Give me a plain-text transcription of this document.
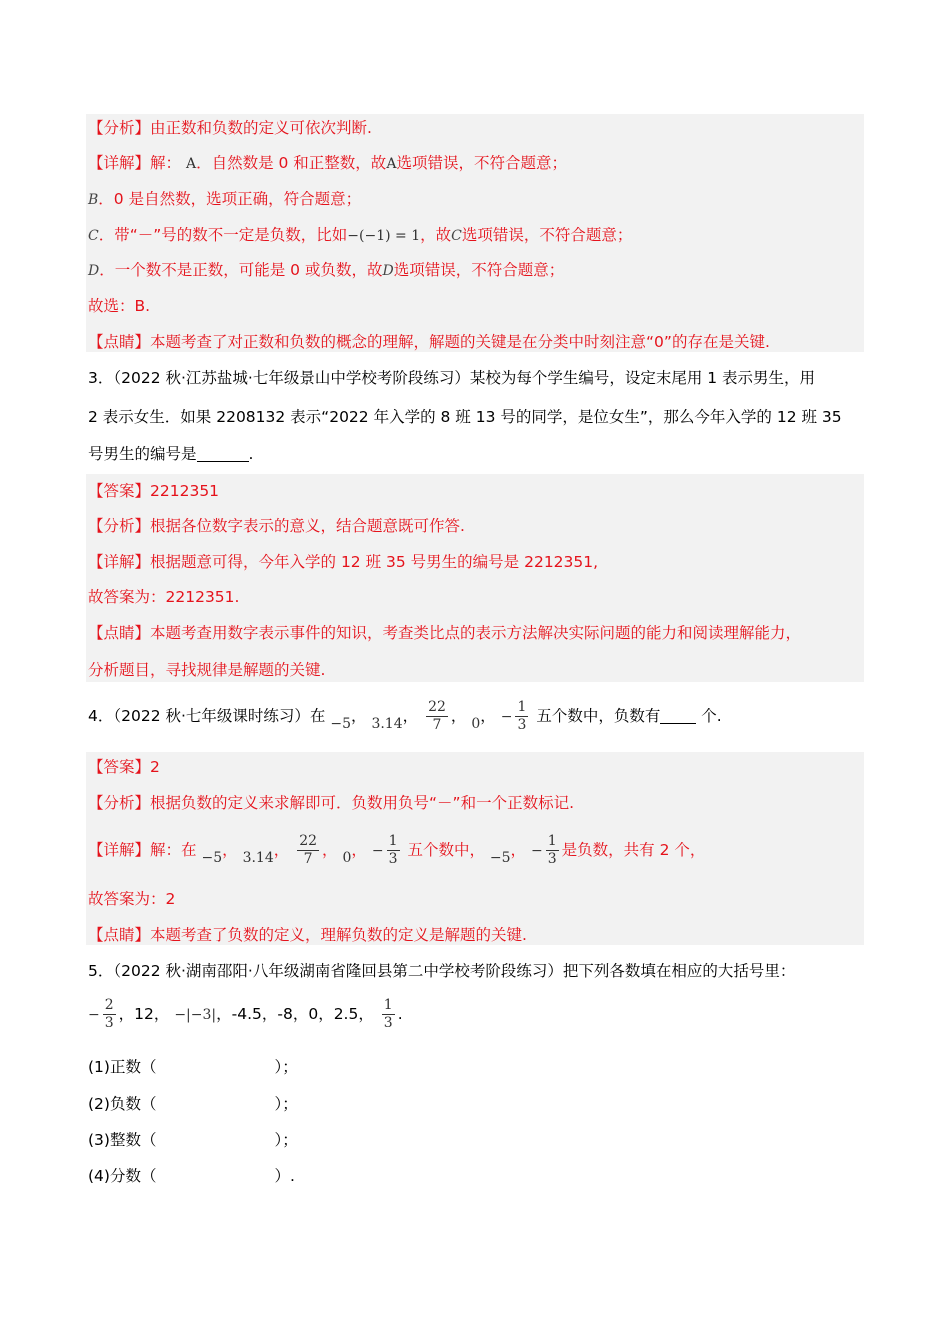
【分析】由正数和负数的定义可依次判断.
【详解】解： A．自然数是 0 和正整数，故A选项错误，不符合题意；
B．0 是自然数，选项正确，符合题意；
C．带“－”号的数不一定是负数，比如−(−1) = 1，故C选项错误，不符合题意；
D．一个数不是正数，可能是 0 或负数，故D选项错误，不符合题意；
故选：B.
【点睛】本题考查了对正数和负数的概念的理解，解题的关键是在分类中时刻注意“0”的存在是关键.
3．（2022 秋·江苏盐城·七年级景山中学校考阶段练习）某校为每个学生编号，设定末尾用 1 表示男生，用
2 表示女生．如果 2208132 表示“2022 年入学的 8 班 13 号的同学，是位女生”，那么今年入学的 12 班 35
号男生的编号是	.
【答案】2212351
【分析】根据各位数字表示的意义，结合题意既可作答.
【详解】根据题意可得，今年入学的 12 班 35 号男生的编号是 2212351,
故答案为：2212351.
【点睛】本题考查用数字表示事件的知识，考查类比点的表示方法解决实际问题的能力和阅读理解能力，
分析题目，寻找规律是解题的关键.
4．（2022 秋·七年级课时练习）在 −5， 3.14， $\frac{22}{7}$ ， 0， − $\frac{1}{3}$ 五个数中，负数有	个.
【答案】2
【分析】根据负数的定义来求解即可．负数用负号“－”和一个正数标记.
【详解】解：在 −5， 3.14， $\frac{22}{7}$ ， 0， − $\frac{1}{3}$ 五个数中， −5， − $\frac{1}{3}$ 是负数，共有 2 个，
故答案为：2
【点睛】本题考查了负数的定义，理解负数的定义是解题的关键.
5．（2022 秋·湖南邵阳·八年级湖南省隆回县第二中学校考阶段练习）把下列各数填在相应的大括号里：
− $\frac{2}{3}$ ，12， −|−3|，-4.5，-8，0，2.5， $\frac{1}{3}$ .
(1)正数（	）；
(2)负数（	）；
(3)整数（	）；
(4)分数（	）.
